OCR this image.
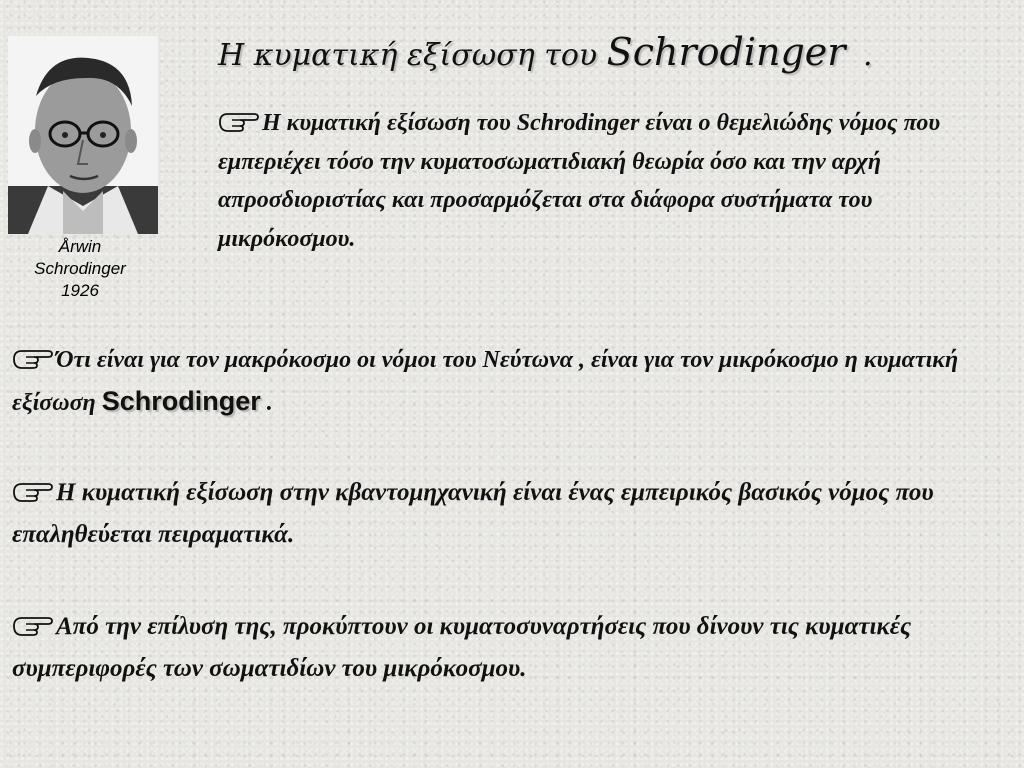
Årwin
Schrodinger
1926
Η κυματική εξίσωση του Schrodinger .
Η κυματική εξίσωση του Schrodinger είναι ο θεμελιώδης νόμος που εμπεριέχει τόσο την κυματοσωματιδιακή θεωρία όσο και την αρχή απροσδιοριστίας και προσαρμόζεται στα διάφορα συστήματα του μικρόκοσμου.
Ότι είναι για τον μακρόκοσμο οι νόμοι του Νεύτωνα , είναι για τον μικρόκοσμο η κυματική εξίσωση Schrodinger .
Η κυματική εξίσωση στην κβαντομηχανική είναι ένας εμπειρικός βασικός νόμος που επαληθεύεται πειραματικά.
Από την επίλυση της, προκύπτουν οι κυματοσυναρτήσεις που δίνουν τις κυματικές συμπεριφορές των σωματιδίων του μικρόκοσμου.
